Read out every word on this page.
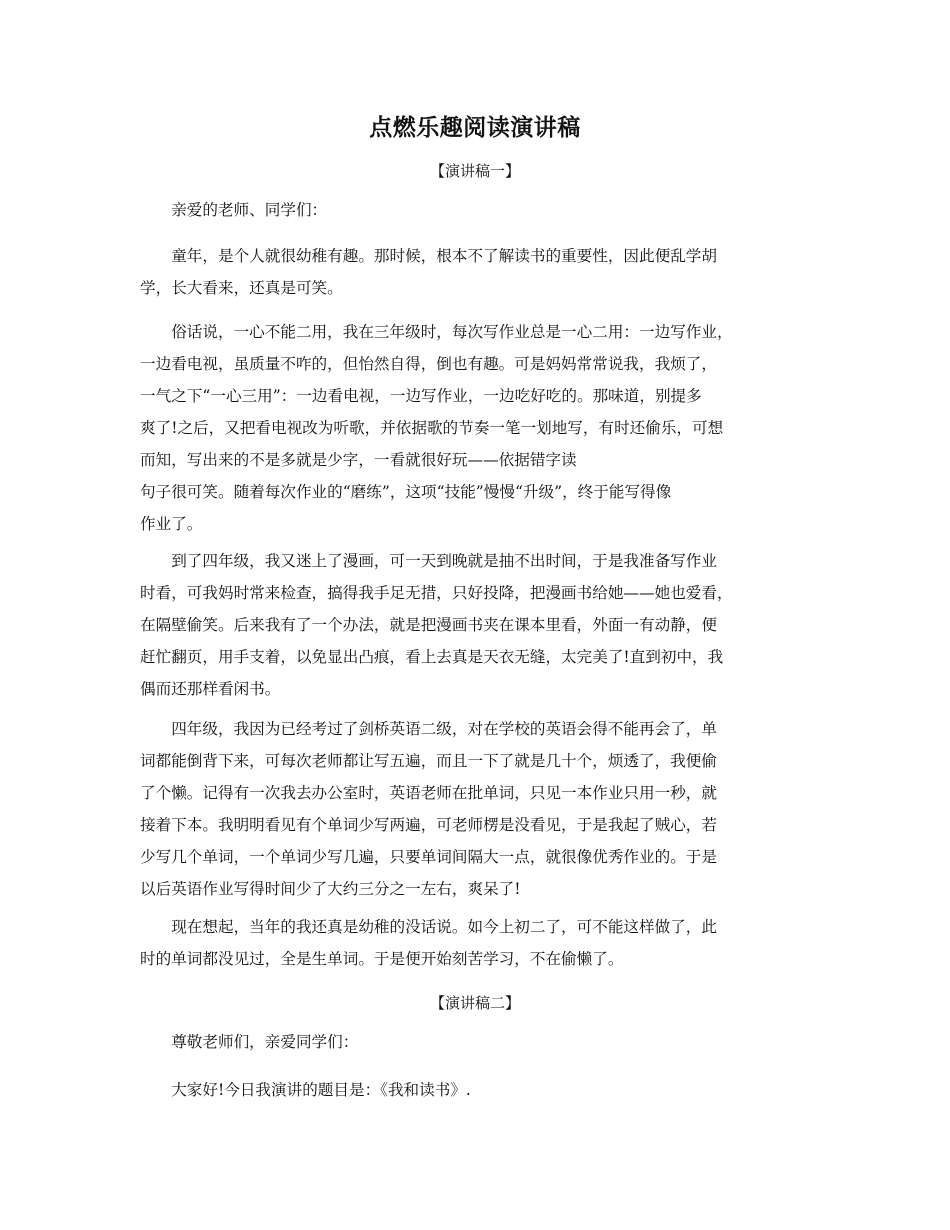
点燃乐趣阅读演讲稿
【演讲稿一】

亲爱的老师、同学们：

童年，是个人就很幼稚有趣。那时候，根本不了解读书的重要性，因此便乱学胡
学，长大看来，还真是可笑。

俗话说，一心不能二用，我在三年级时，每次写作业总是一心二用：一边写作业，
一边看电视，虽质量不咋的，但怡然自得，倒也有趣。可是妈妈常常说我，我烦了，
一气之下“一心三用”：一边看电视，一边写作业，一边吃好吃的。那味道，别提多
爽了!之后，又把看电视改为听歌，并依据歌的节奏一笔一划地写，有时还偷乐，可想
而知，写出来的不是多就是少字，一看就很好玩——依据错字读
句子很可笑。随着每次作业的“磨练”，这项“技能”慢慢“升级”，终于能写得像
作业了。

到了四年级，我又迷上了漫画，可一天到晚就是抽不出时间，于是我准备写作业
时看，可我妈时常来检查，搞得我手足无措，只好投降，把漫画书给她——她也爱看，
在隔壁偷笑。后来我有了一个办法，就是把漫画书夹在课本里看，外面一有动静，便
赶忙翻页，用手支着，以免显出凸痕，看上去真是天衣无缝，太完美了!直到初中，我
偶而还那样看闲书。

四年级，我因为已经考过了剑桥英语二级，对在学校的英语会得不能再会了，单
词都能倒背下来，可每次老师都让写五遍，而且一下了就是几十个，烦透了，我便偷
了个懒。记得有一次我去办公室时，英语老师在批单词，只见一本作业只用一秒，就
接着下本。我明明看见有个单词少写两遍，可老师楞是没看见，于是我起了贼心，若
少写几个单词，一个单词少写几遍，只要单词间隔大一点，就很像优秀作业的。于是
以后英语作业写得时间少了大约三分之一左右，爽呆了!

现在想起，当年的我还真是幼稚的没话说。如今上初二了，可不能这样做了，此
时的单词都没见过，全是生单词。于是便开始刻苦学习，不在偷懒了。

【演讲稿二】

尊敬老师们，亲爱同学们：

大家好!今日我演讲的题目是：《我和读书》.
